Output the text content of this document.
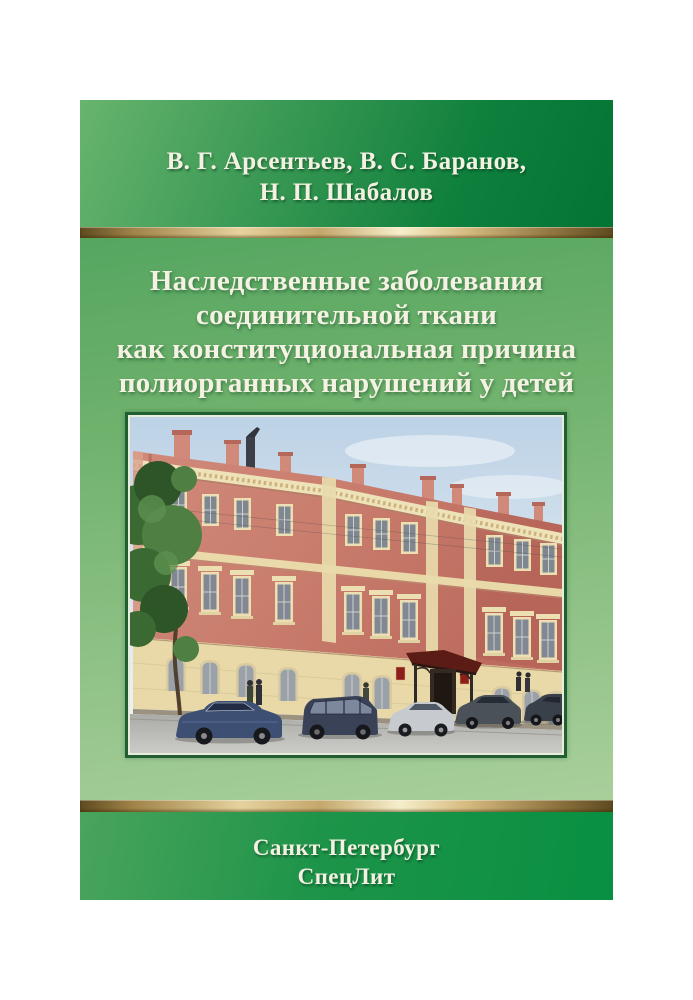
В. Г. Арсентьев, В. С. Баранов,
Н. П. Шабалов
Наследственные заболевания
соединительной ткани
как конституциональная причина
полиорганных нарушений у детей
Санкт-Петербург
СпецЛит
